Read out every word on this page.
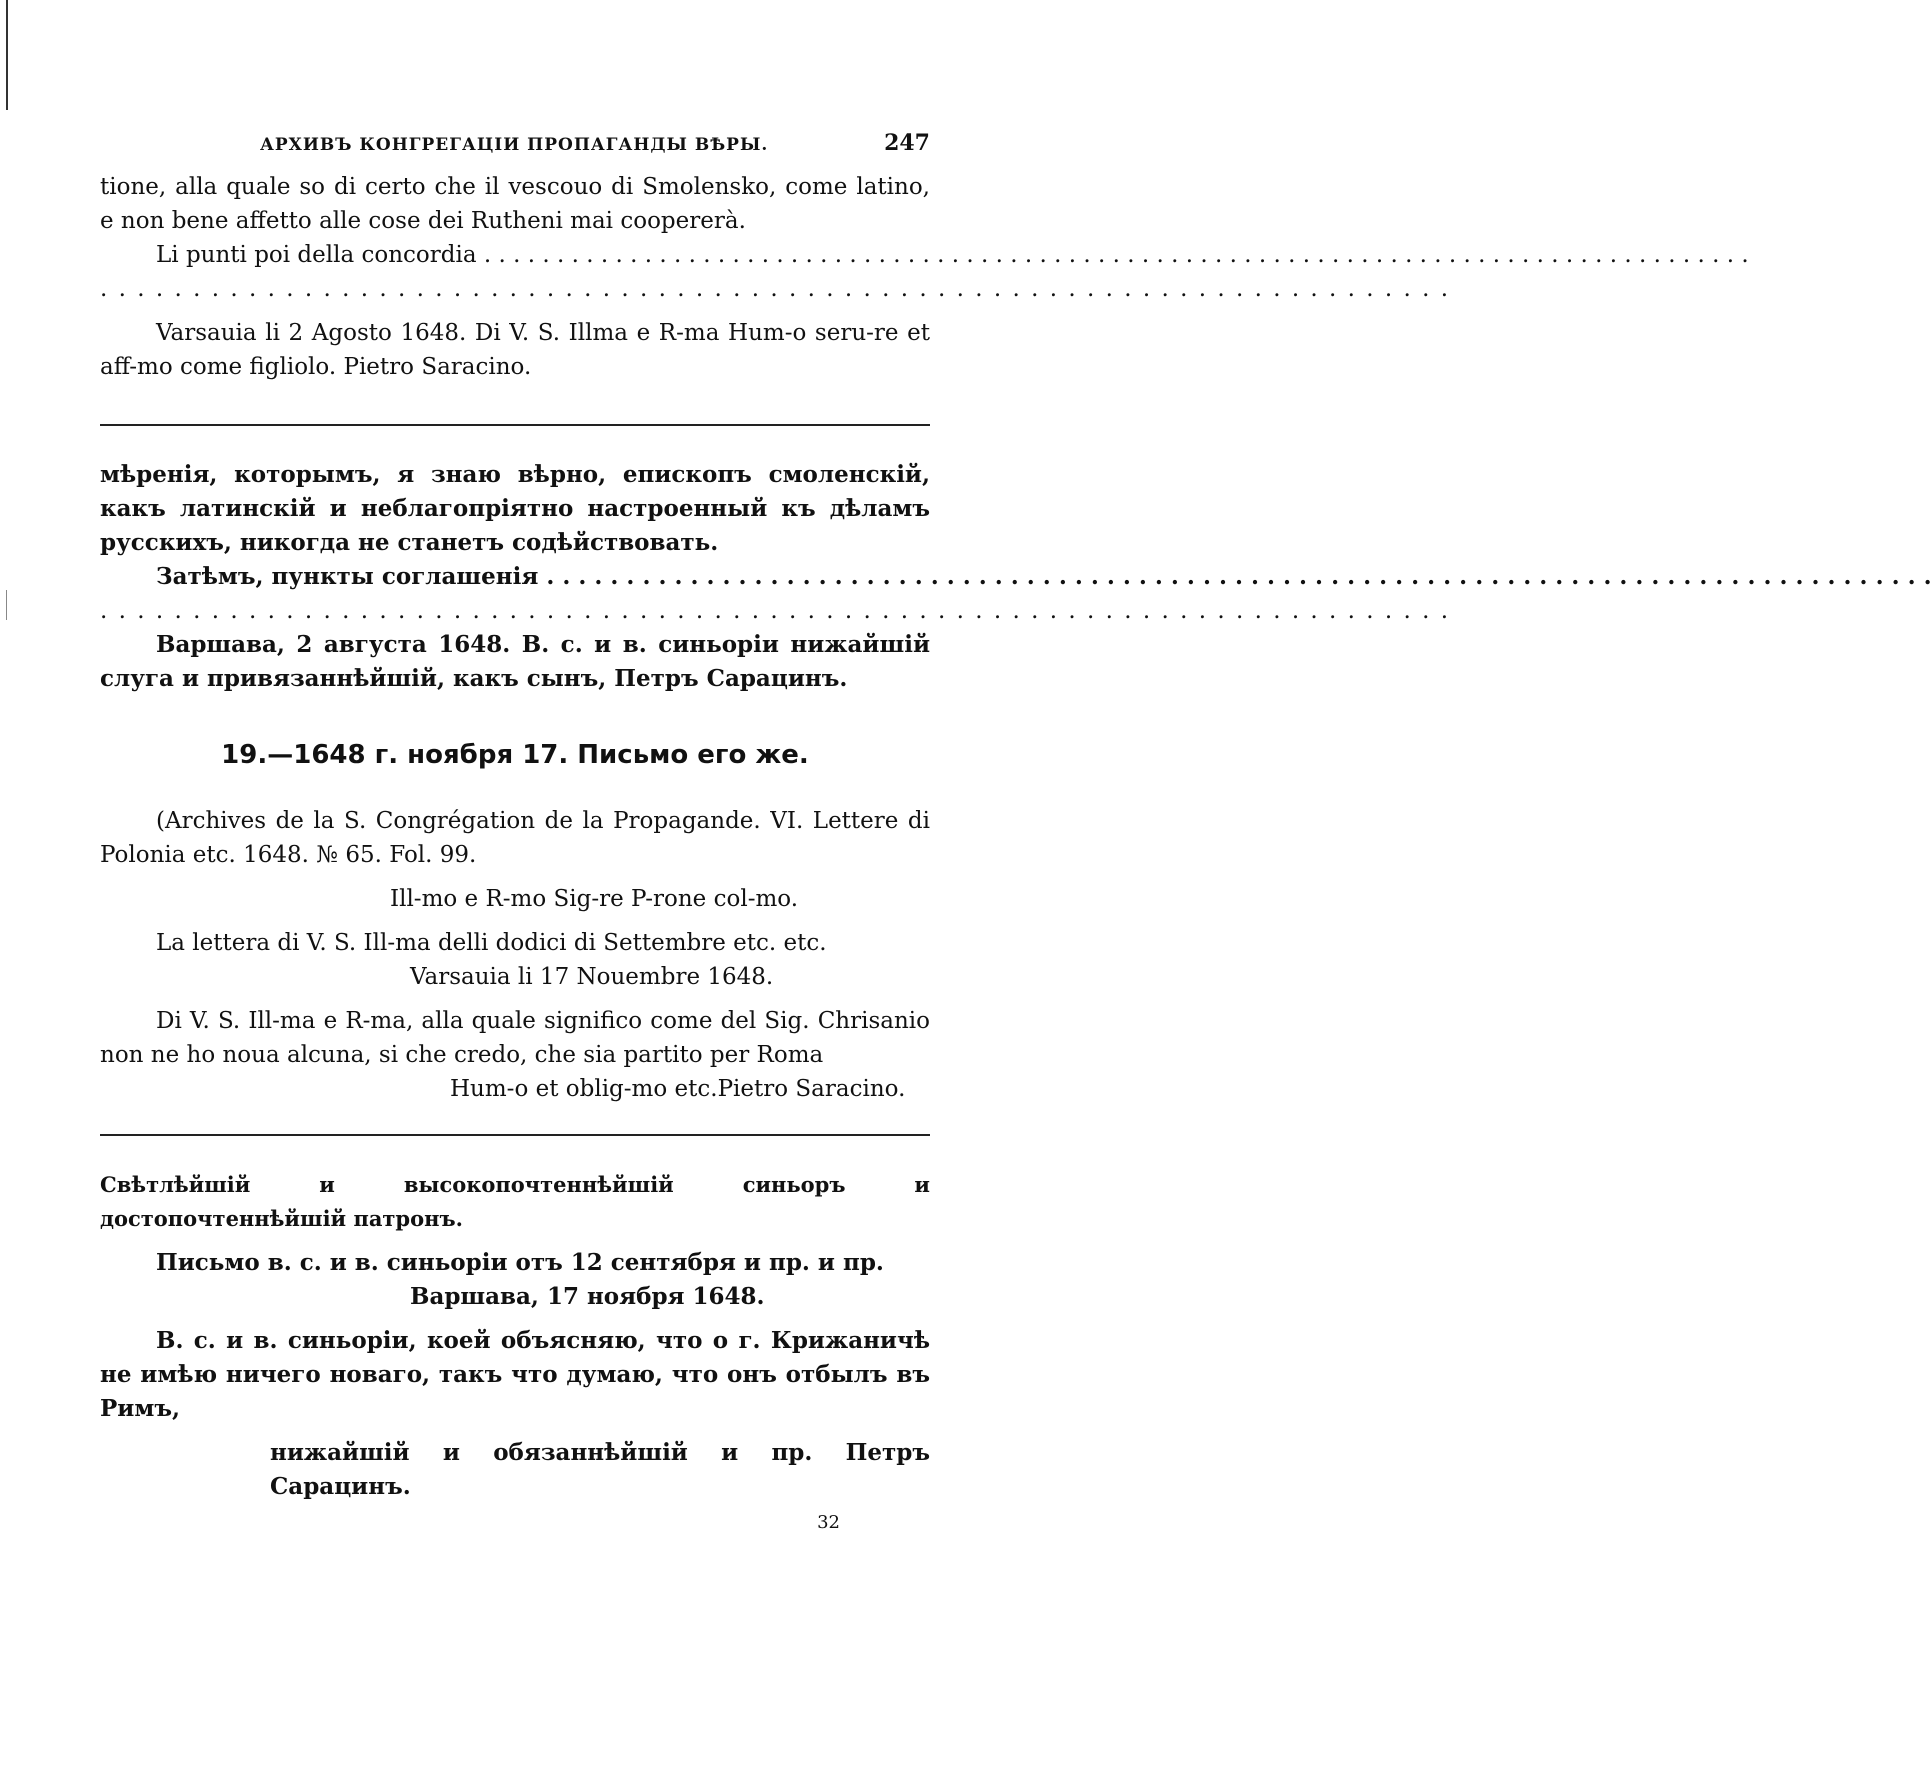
АРХИВЪ КОНГРЕГАЦІИ ПРОПАГАНДЫ ВѢРЫ.	247

tione, alla quale so di certo che il vescouo di Smolensko, come latino, e non bene affetto alle cose dei Rutheni mai coopererà.

Li punti poi della concordia . . .

. . . . . . . . . . . . . . . . . . . . . . . . . . . . . . . . . . . . . . . . . . . . . . . . . . . . . . . . . . . . . . . . . . . . . . . . .

Varsauia li 2 Agosto 1648. Di V. S. Illma e R-ma Hum-o seru-re et aff-mo come figliolo. Pietro Saracino.

мѣренія, которымъ, я знаю вѣрно, епископъ смоленскій, какъ латинскій и неблагопріятно настроенный къ дѣламъ русскихъ, никогда не станетъ содѣйствовать.

Затѣмъ, пункты соглашенія . . .

. . . . . . . . . . . . . . . . . . . . . . . . . . . . . . . . . . . . . . . . . . . . . . . . . . . . . . . . . . . . . . . . . . . . . . . . .

Варшава, 2 августа 1648. В. с. и в. синьоріи нижайшій слуга и привязаннѣйшій, какъ сынъ, Петръ Сарацинъ.

19.—1648 г. ноября 17. Письмо его же.

(Archives de la S. Congrégation de la Propagande. VI. Lettere di Polonia etc. 1648. № 65. Fol. 99.

Ill-mo e R-mo Sig-re P-rone col-mo.

La lettera di V. S. Ill-ma delli dodici di Settembre etc. etc.

Varsauia li 17 Nouembre 1648.

Di V. S. Ill-ma e R-ma, alla quale significo come del Sig. Chrisanio non ne ho noua alcuna, si che credo, che sia partito per Roma

Hum-o et oblig-mo etc.Pietro Saracino.

Свѣтлѣйшій и высокопочтеннѣйшій синьоръ и достопочтеннѣйшій патронъ.

Письмо в. с. и в. синьоріи отъ 12 сентября и пр. и пр.

Варшава, 17 ноября 1648.

В. с. и в. синьоріи, коей объясняю, что о г. Крижаничѣ не имѣю ничего новаго, такъ что думаю, что онъ отбылъ въ Римъ,

нижайшій и обязаннѣйшій и пр. Петръ Сарацинъ.

32
